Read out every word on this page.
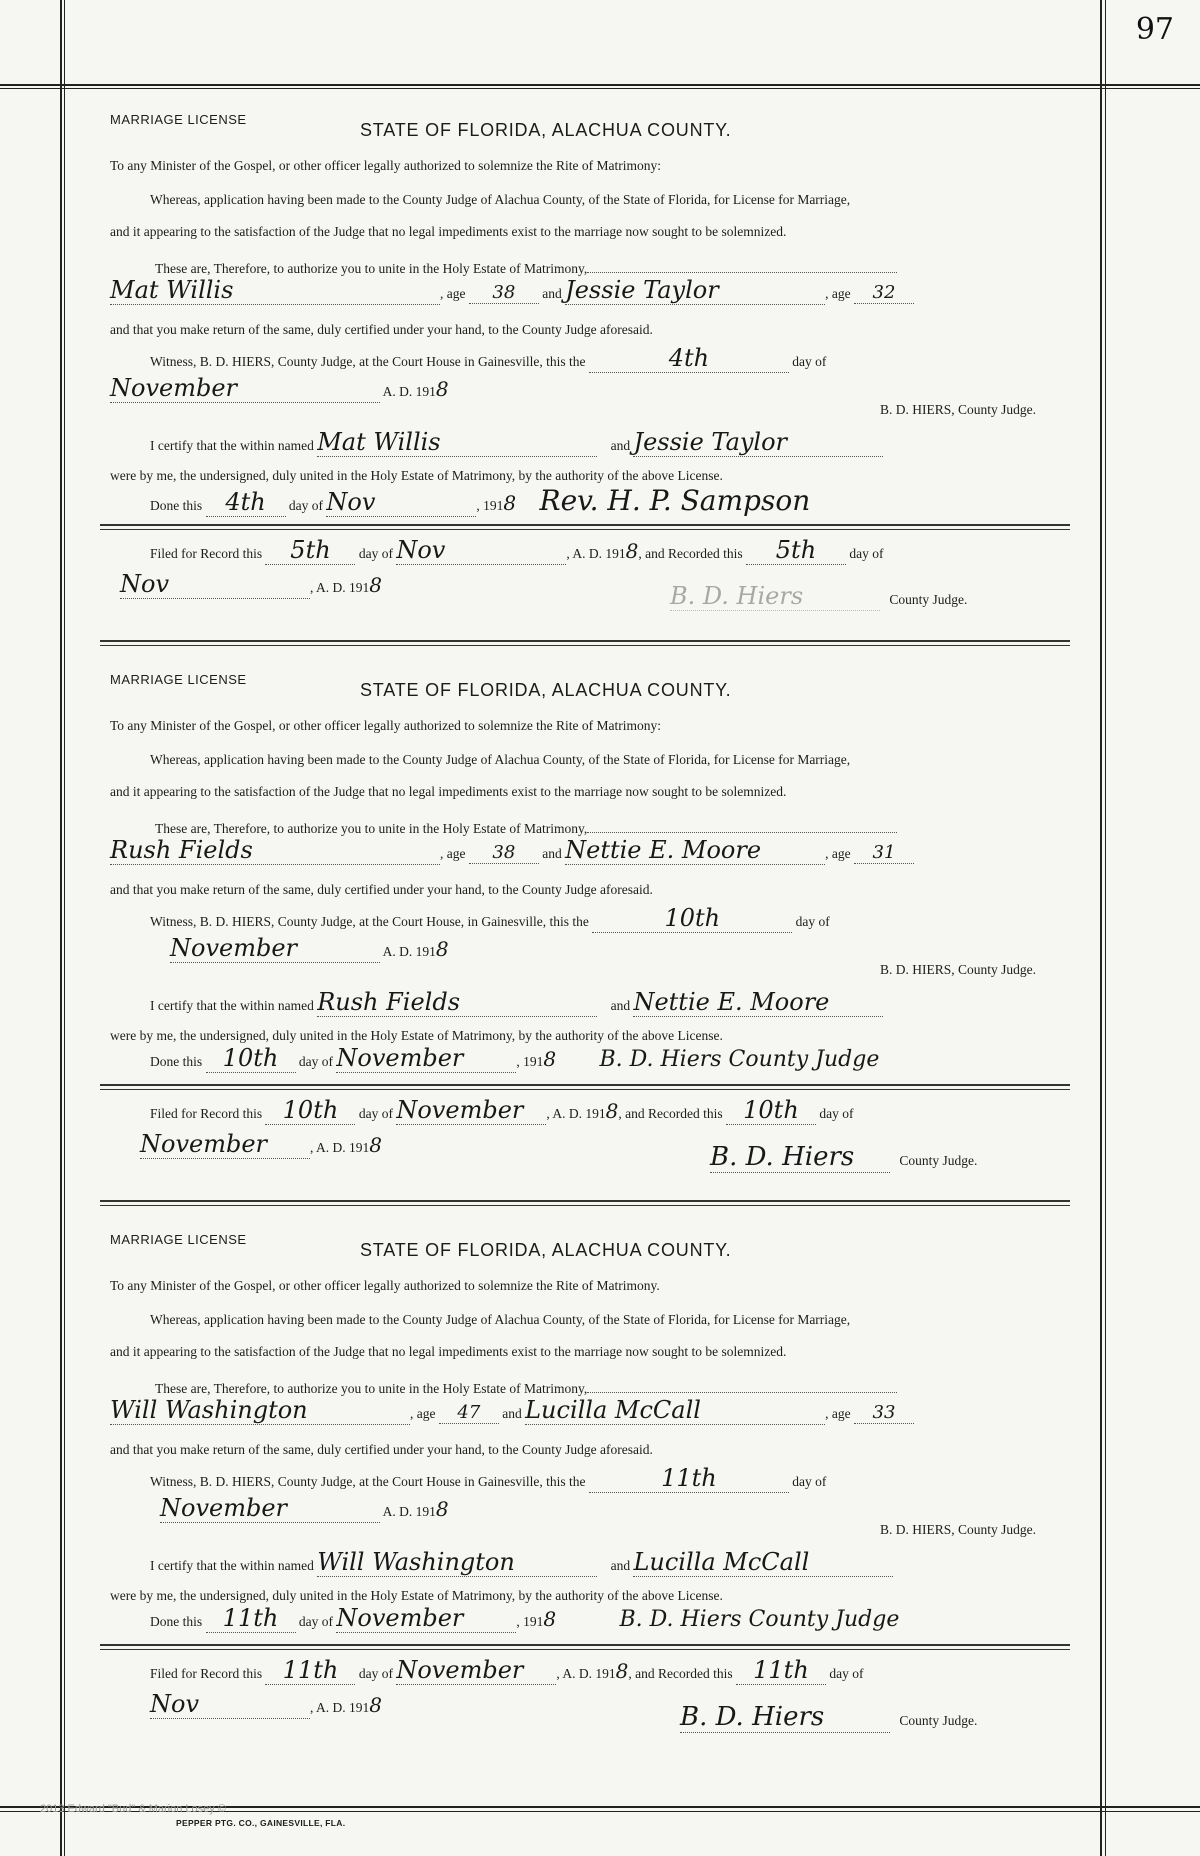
97
MARRIAGE LICENSE
STATE OF FLORIDA, ALACHUA COUNTY.
To any Minister of the Gospel, or other officer legally authorized to solemnize the Rite of Matrimony:
Whereas, application having been made to the County Judge of Alachua County, of the State of Florida, for License for Marriage,
and it appearing to the satisfaction of the Judge that no legal impediments exist to the marriage now sought to be solemnized.
These are, Therefore, to authorize you to unite in the Holy Estate of Matrimony,
Mat Willis	, age 38 and Jessie Taylor	, age 32
and that you make return of the same, duly certified under your hand, to the County Judge aforesaid.
Witness, B. D. HIERS, County Judge, at the Court House in Gainesville, this the	4th	day of
November	A. D. 1918
B. D. HIERS, County Judge.
I certify that the within named Mat Willis	and Jessie Taylor
were by me, the undersigned, duly united in the Holy Estate of Matrimony, by the authority of the above License.
Done this 4th day of Nov	, 1918 Rev. H. P. Sampson
Filed for Record this 5th day of Nov	, A. D. 1918, and Recorded this 5th day of
Nov	, A. D. 1918	B. D. Hiers	County Judge.
MARRIAGE LICENSE
STATE OF FLORIDA, ALACHUA COUNTY.
To any Minister of the Gospel, or other officer legally authorized to solemnize the Rite of Matrimony:
Whereas, application having been made to the County Judge of Alachua County, of the State of Florida, for License for Marriage,
and it appearing to the satisfaction of the Judge that no legal impediments exist to the marriage now sought to be solemnized.
These are, Therefore, to authorize you to unite in the Holy Estate of Matrimony,
Rush Fields	, age 38 and Nettie E. Moore	, age 31
and that you make return of the same, duly certified under your hand, to the County Judge aforesaid.
Witness, B. D. HIERS, County Judge, at the Court House, in Gainesville, this the	10th	day of
November	A. D. 1918
B. D. HIERS, County Judge.
I certify that the within named Rush Fields	and Nettie E. Moore
were by me, the undersigned, duly united in the Holy Estate of Matrimony, by the authority of the above License.
Done this 10th day of November	, 1918 B. D. Hiers County Judge
Filed for Record this 10th day of November , A. D. 1918, and Recorded this 10th day of
November	, A. D. 1918	B. D. Hiers	County Judge.
MARRIAGE LICENSE
STATE OF FLORIDA, ALACHUA COUNTY.
To any Minister of the Gospel, or other officer legally authorized to solemnize the Rite of Matrimony.
Whereas, application having been made to the County Judge of Alachua County, of the State of Florida, for License for Marriage,
and it appearing to the satisfaction of the Judge that no legal impediments exist to the marriage now sought to be solemnized.
These are, Therefore, to authorize you to unite in the Holy Estate of Matrimony,
Will Washington	, age 47 and Lucilla McCall	, age 33
and that you make return of the same, duly certified under your hand, to the County Judge aforesaid.
Witness, B. D. HIERS, County Judge, at the Court House in Gainesville, this the	11th	day of
November	A. D. 1918
B. D. HIERS, County Judge.
I certify that the within named Will Washington	and Lucilla McCall
were by me, the undersigned, duly united in the Holy Estate of Matrimony, by the authority of the above License.
Done this 11th day of November	, 1918	B. D. Hiers County Judge
Filed for Record this 11th day of November , A. D. 1918, and Recorded this 11th day of
Nov	, A. D. 1918	B. D. Hiers	County Judge.
2013 Edward "Bud" & Marion Losey ©
PEPPER PTG. CO., GAINESVILLE, FLA.
